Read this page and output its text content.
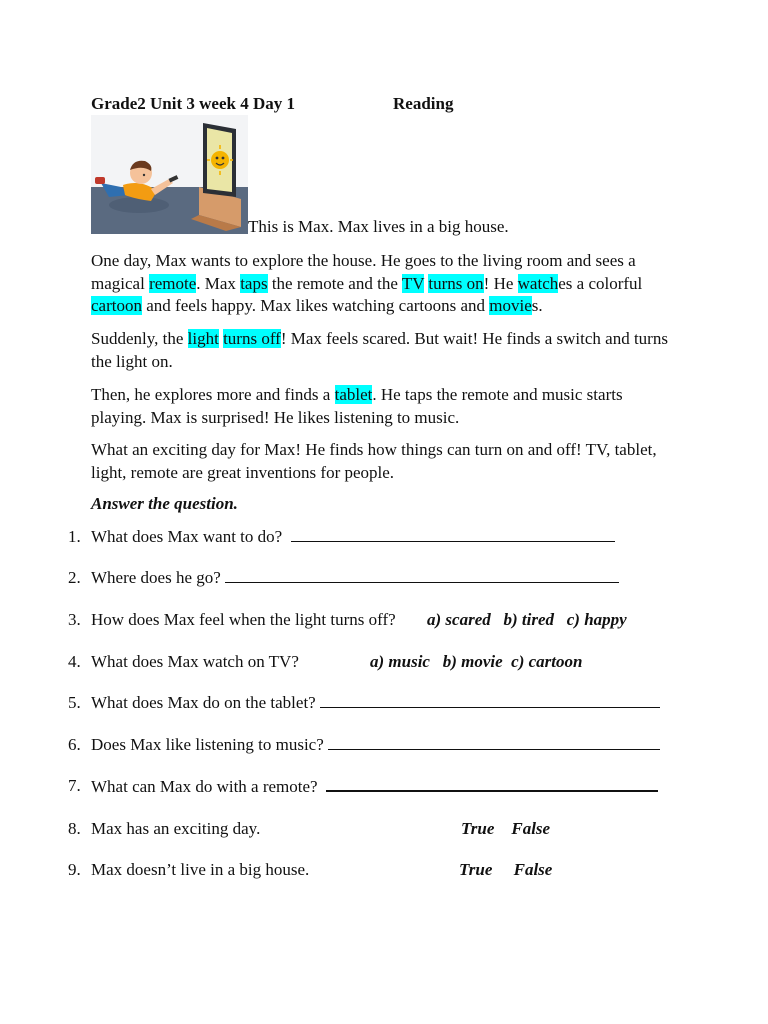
Grade2 Unit 3 week 4 Day 1	Reading
This is Max. Max lives in a big house.

One day, Max wants to explore the house. He goes to the living room and sees a magical remote. Max taps the remote and the TV turns on! He watches a colorful cartoon and feels happy. Max likes watching cartoons and movies.

Suddenly, the light turns off! Max feels scared. But wait! He finds a switch and turns the light on.

Then, he explores more and finds a tablet. He taps the remote and music starts playing. Max is surprised! He likes listening to music.

What an exciting day for Max! He finds how things can turn on and off! TV, tablet, light, remote are great inventions for people.

Answer the question.
1. What does Max want to do?
2. Where does he go?
3. How does Max feel when the light turns off? a) scared   b) tired   c) happy
4. What does Max watch on TV?	a) music   b) movie  c) cartoon
5. What does Max do on the tablet?
6. Does Max like listening to music?
7. What can Max do with a remote?
8. Max has an exciting day.	True    False
9. Max doesn’t live in a big house.	True     False
